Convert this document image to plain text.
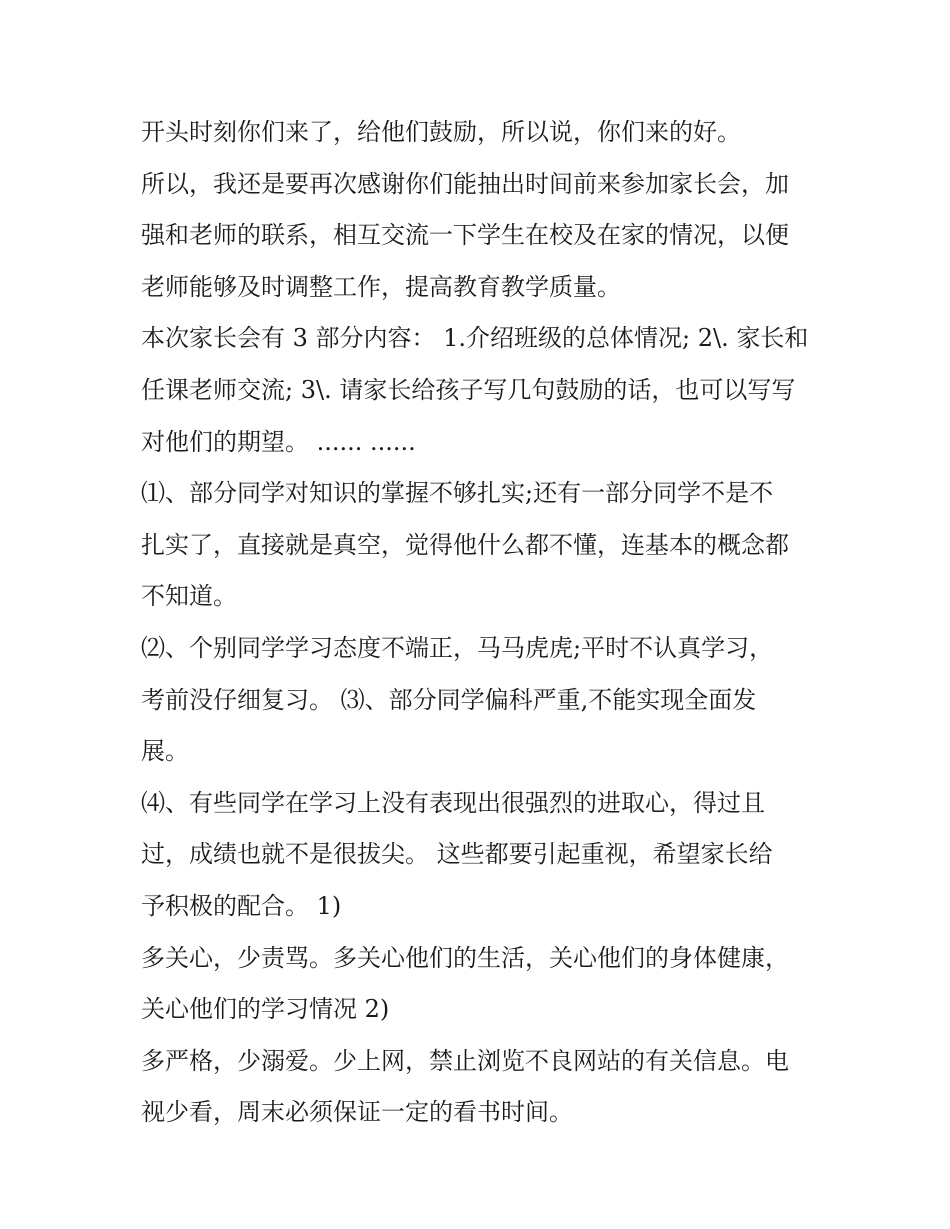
开头时刻你们来了，给他们鼓励，所以说，你们来的好。

所以，我还是要再次感谢你们能抽出时间前来参加家长会，加

强和老师的联系，相互交流一下学生在校及在家的情况，以便

老师能够及时调整工作，提高教育教学质量。

本次家长会有 3 部分内容： 1.介绍班级的总体情况; 2\. 家长和

任课老师交流; 3\. 请家长给孩子写几句鼓励的话，也可以写写

对他们的期望。 ...... ......

⑴、部分同学对知识的掌握不够扎实;还有一部分同学不是不

扎实了，直接就是真空，觉得他什么都不懂，连基本的概念都

不知道。

⑵、个别同学学习态度不端正，马马虎虎;平时不认真学习，

考前没仔细复习。 ⑶、部分同学偏科严重,不能实现全面发

展。

⑷、有些同学在学习上没有表现出很强烈的进取心，得过且

过，成绩也就不是很拔尖。 这些都要引起重视，希望家长给

予积极的配合。 1)

多关心，少责骂。多关心他们的生活，关心他们的身体健康，

关心他们的学习情况 2)

多严格，少溺爱。少上网，禁止浏览不良网站的有关信息。电

视少看，周末必须保证一定的看书时间。
